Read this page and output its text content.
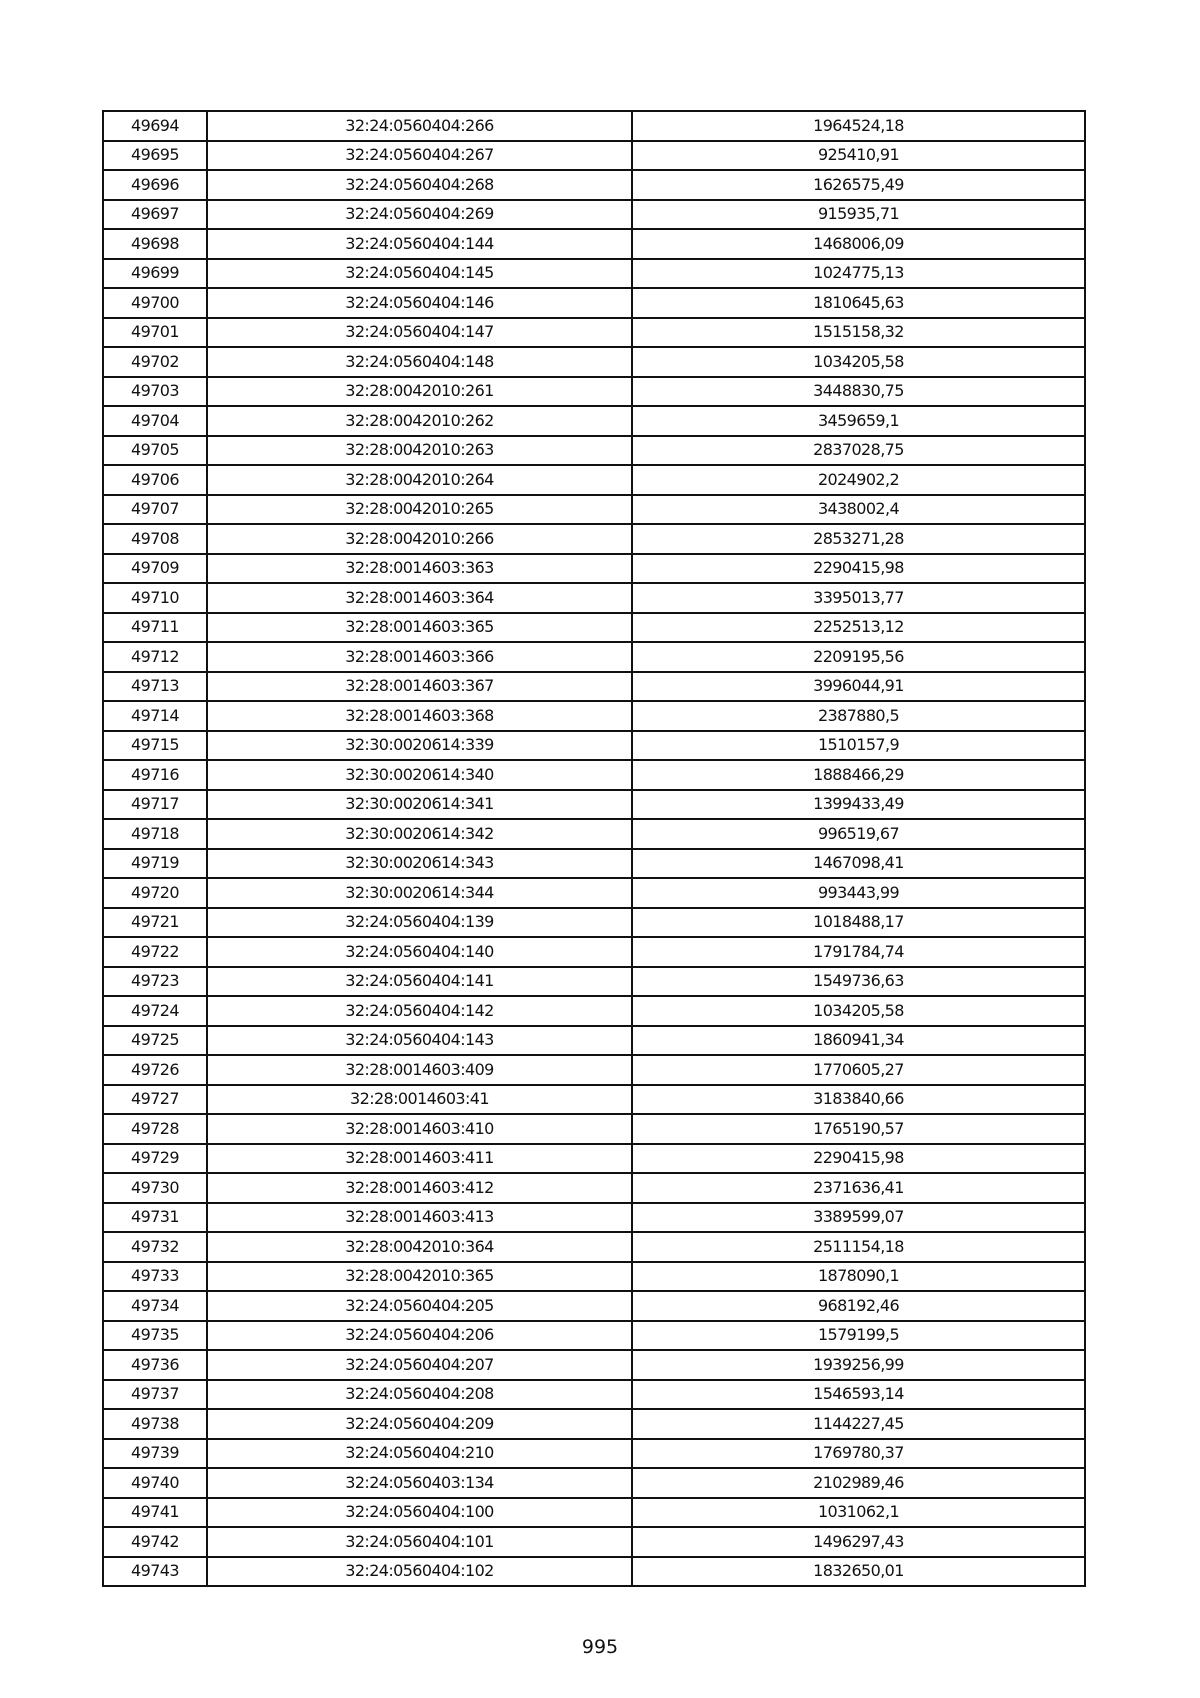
49694	32:24:0560404:266	1964524,18
49695	32:24:0560404:267	925410,91
49696	32:24:0560404:268	1626575,49
49697	32:24:0560404:269	915935,71
49698	32:24:0560404:144	1468006,09
49699	32:24:0560404:145	1024775,13
49700	32:24:0560404:146	1810645,63
49701	32:24:0560404:147	1515158,32
49702	32:24:0560404:148	1034205,58
49703	32:28:0042010:261	3448830,75
49704	32:28:0042010:262	3459659,1
49705	32:28:0042010:263	2837028,75
49706	32:28:0042010:264	2024902,2
49707	32:28:0042010:265	3438002,4
49708	32:28:0042010:266	2853271,28
49709	32:28:0014603:363	2290415,98
49710	32:28:0014603:364	3395013,77
49711	32:28:0014603:365	2252513,12
49712	32:28:0014603:366	2209195,56
49713	32:28:0014603:367	3996044,91
49714	32:28:0014603:368	2387880,5
49715	32:30:0020614:339	1510157,9
49716	32:30:0020614:340	1888466,29
49717	32:30:0020614:341	1399433,49
49718	32:30:0020614:342	996519,67
49719	32:30:0020614:343	1467098,41
49720	32:30:0020614:344	993443,99
49721	32:24:0560404:139	1018488,17
49722	32:24:0560404:140	1791784,74
49723	32:24:0560404:141	1549736,63
49724	32:24:0560404:142	1034205,58
49725	32:24:0560404:143	1860941,34
49726	32:28:0014603:409	1770605,27
49727	32:28:0014603:41	3183840,66
49728	32:28:0014603:410	1765190,57
49729	32:28:0014603:411	2290415,98
49730	32:28:0014603:412	2371636,41
49731	32:28:0014603:413	3389599,07
49732	32:28:0042010:364	2511154,18
49733	32:28:0042010:365	1878090,1
49734	32:24:0560404:205	968192,46
49735	32:24:0560404:206	1579199,5
49736	32:24:0560404:207	1939256,99
49737	32:24:0560404:208	1546593,14
49738	32:24:0560404:209	1144227,45
49739	32:24:0560404:210	1769780,37
49740	32:24:0560403:134	2102989,46
49741	32:24:0560404:100	1031062,1
49742	32:24:0560404:101	1496297,43
49743	32:24:0560404:102	1832650,01
995
